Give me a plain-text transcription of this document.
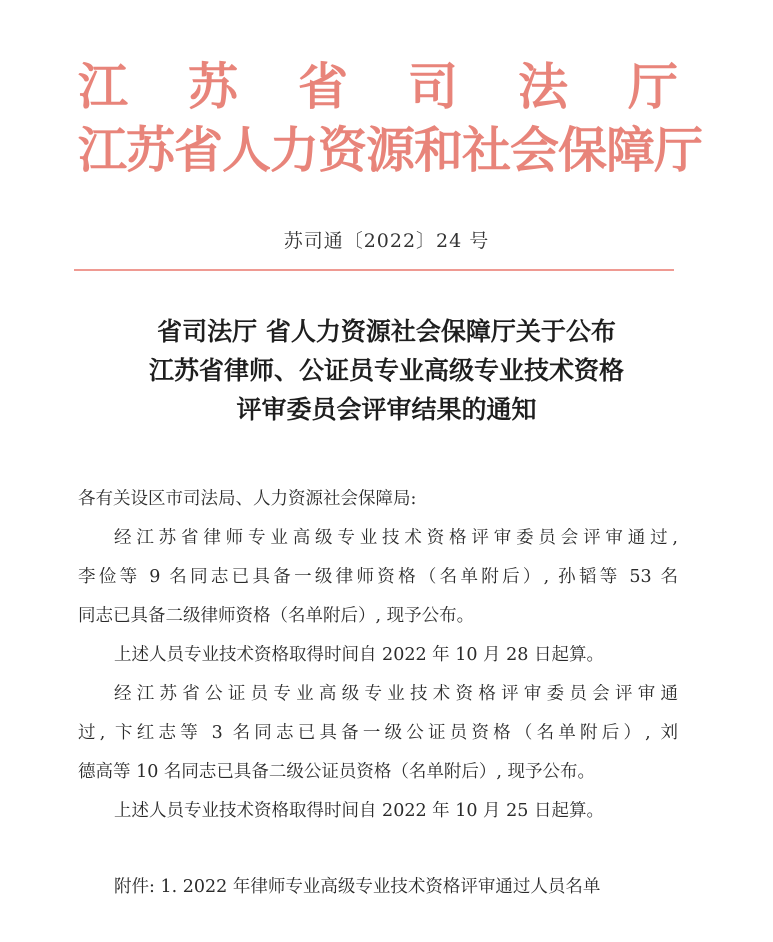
江 苏 省 司 法 厅
江苏省人力资源和社会保障厅
苏司通〔2022〕24 号
省司法厅 省人力资源社会保障厅关于公布
江苏省律师、公证员专业高级专业技术资格
评审委员会评审结果的通知
各有关设区市司法局、人力资源社会保障局:
经江苏省律师专业高级专业技术资格评审委员会评审通过,
李俭等 9 名同志已具备一级律师资格（名单附后）, 孙韬等 53 名
同志已具备二级律师资格（名单附后）, 现予公布。
上述人员专业技术资格取得时间自 2022 年 10 月 28 日起算。
经江苏省公证员专业高级专业技术资格评审委员会评审通
过, 卞红志等 3 名同志已具备一级公证员资格（名单附后）, 刘
德高等 10 名同志已具备二级公证员资格（名单附后）, 现予公布。
上述人员专业技术资格取得时间自 2022 年 10 月 25 日起算。
附件: 1. 2022 年律师专业高级专业技术资格评审通过人员名单
